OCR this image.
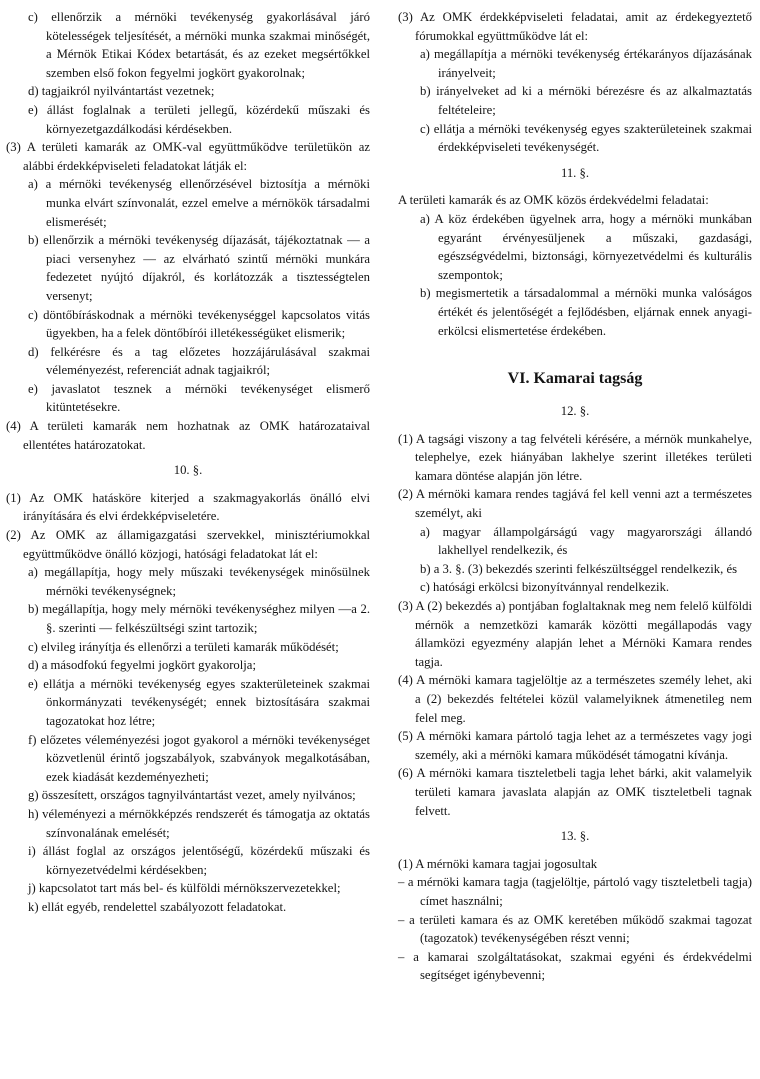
c) ellenőrzik a mérnöki tevékenység gyakorlásával járó kötelességek teljesítését, a mérnöki munka szakmai minőségét, a Mérnök Etikai Kódex betartását, és az ezeket megsértőkkel szemben első fokon fegyelmi jogkört gyakorolnak;

d) tagjaikról nyilvántartást vezetnek;

e) állást foglalnak a területi jellegű, közérdekű műszaki és környezetgazdálkodási kérdésekben.

(3) A területi kamarák az OMK-val együttműködve területükön az alábbi érdekképviseleti feladatokat látják el:

a) a mérnöki tevékenység ellenőrzésével biztosítja a mérnöki munka elvárt színvonalát, ezzel emelve a mérnökök társadalmi elismerését;

b) ellenőrzik a mérnöki tevékenység díjazását, tájékoztatnak — a piaci versenyhez — az elvárható szintű mérnöki munkára fedezetet nyújtó díjakról, és korlátozzák a tisztességtelen versenyt;

c) döntőbíráskodnak a mérnöki tevékenységgel kapcsolatos vitás ügyekben, ha a felek döntőbírói illetékességüket elismerik;

d) felkérésre és a tag előzetes hozzájárulásával szakmai véleményezést, referenciát adnak tagjaikról;

e) javaslatot tesznek a mérnöki tevékenységet elismerő kitüntetésekre.

(4) A területi kamarák nem hozhatnak az OMK határozataival ellentétes határozatokat.

10. §.

(1) Az OMK hatásköre kiterjed a szakmagyakorlás önálló elvi irányítására és elvi érdekképviseletére.

(2) Az OMK az államigazgatási szervekkel, minisztériumokkal együttműködve önálló közjogi, hatósági feladatokat lát el:

a) megállapítja, hogy mely műszaki tevékenységek minősülnek mérnöki tevékenységnek;

b) megállapítja, hogy mely mérnöki tevékenységhez milyen —a 2. §. szerinti — felkészültségi szint tartozik;

c) elvileg irányítja és ellenőrzi a területi kamarák működését;

d) a másodfokú fegyelmi jogkört gyakorolja;

e) ellátja a mérnöki tevékenység egyes szakterületeinek szakmai önkormányzati tevékenységét; ennek biztosítására szakmai tagozatokat hoz létre;

f) előzetes véleményezési jogot gyakorol a mérnöki tevékenységet közvetlenül érintő jogszabályok, szabványok megalkotásában, ezek kiadását kezdeményezheti;

g) összesített, országos tagnyilvántartást vezet, amely nyilvános;

h) véleményezi a mérnökképzés rendszerét és támogatja az oktatás színvonalának emelését;

i) állást foglal az országos jelentőségű, közérdekű műszaki és környezetvédelmi kérdésekben;

j) kapcsolatot tart más bel- és külföldi mérnökszervezetekkel;

k) ellát egyéb, rendelettel szabályozott feladatokat.

(3) Az OMK érdekképviseleti feladatai, amit az érdekegyeztető fórumokkal együttműködve lát el:

a) megállapítja a mérnöki tevékenység értékarányos díjazásának irányelveit;

b) irányelveket ad ki a mérnöki bérezésre és az alkalmaztatás feltételeire;

c) ellátja a mérnöki tevékenység egyes szakterületeinek szakmai érdekképviseleti tevékenységét.

11. §.

A területi kamarák és az OMK közös érdekvédelmi feladatai:

a) A köz érdekében ügyelnek arra, hogy a mérnöki munkában egyaránt érvényesüljenek a műszaki, gazdasági, egészségvédelmi, biztonsági, környezetvédelmi és kulturális szempontok;

b) megismertetik a társadalommal a mérnöki munka valóságos értékét és jelentőségét a fejlődésben, eljárnak ennek anyagi-erkölcsi elismertetése érdekében.

VI. Kamarai tagság

12. §.

(1) A tagsági viszony a tag felvételi kérésére, a mérnök munkahelye, telephelye, ezek hiányában lakhelye szerint illetékes területi kamara döntése alapján jön létre.

(2) A mérnöki kamara rendes tagjává fel kell venni azt a természetes személyt, aki

a) magyar állampolgárságú vagy magyarországi állandó lakhellyel rendelkezik, és

b) a 3. §. (3) bekezdés szerinti felkészültséggel rendelkezik, és

c) hatósági erkölcsi bizonyítvánnyal rendelkezik.

(3) A (2) bekezdés a) pontjában foglaltaknak meg nem felelő külföldi mérnök a nemzetközi kamarák közötti megállapodás vagy államközi egyezmény alapján lehet a Mérnöki Kamara rendes tagja.

(4) A mérnöki kamara tagjelöltje az a természetes személy lehet, aki a (2) bekezdés feltételei közül valamelyiknek átmenetileg nem felel meg.

(5) A mérnöki kamara pártoló tagja lehet az a természetes vagy jogi személy, aki a mérnöki kamara működését támogatni kívánja.

(6) A mérnöki kamara tiszteletbeli tagja lehet bárki, akit valamelyik területi kamara javaslata alapján az OMK tiszteletbeli tagnak felvett.

13. §.

(1) A mérnöki kamara tagjai jogosultak

– a mérnöki kamara tagja (tagjelöltje, pártoló vagy tiszteletbeli tagja) címet használni;

– a területi kamara és az OMK keretében működő szakmai tagozat (tagozatok) tevékenységében részt venni;

– a kamarai szolgáltatásokat, szakmai egyéni és érdekvédelmi segítséget igénybevenni;
